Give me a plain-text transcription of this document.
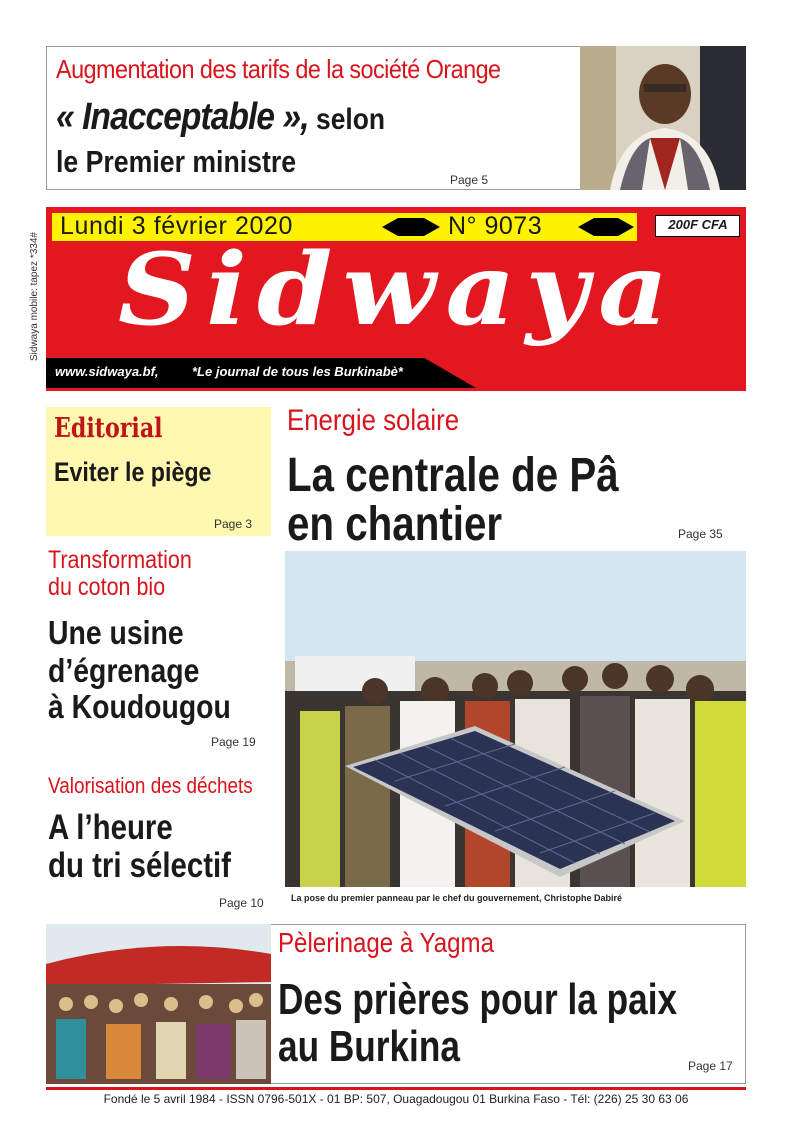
Augmentation des tarifs de la société Orange
« Inacceptable », selon
le Premier ministre
Page 5
Lundi 3 février 2020	N° 9073	200F CFA
Sidwaya
www.sidwaya.bf,	*Le journal de tous les Burkinabè*
Sidwaya mobile: tapez *334#
Editorial
Eviter le piège
Page 3
Energie solaire
La centrale de Pâ
en chantier	Page 35
La pose du premier panneau par le chef du gouvernement, Christophe Dabiré
Transformation
du coton bio
Une usine
d’égrenage
à Koudougou
Page 19
Valorisation des déchets
A l’heure
du tri sélectif
Page 10
Pèlerinage à Yagma
Des prières pour la paix
au Burkina	Page 17
Fondé le 5 avril 1984 - ISSN 0796-501X - 01 BP: 507, Ouagadougou 01 Burkina Faso - Tél: (226) 25 30 63 06
